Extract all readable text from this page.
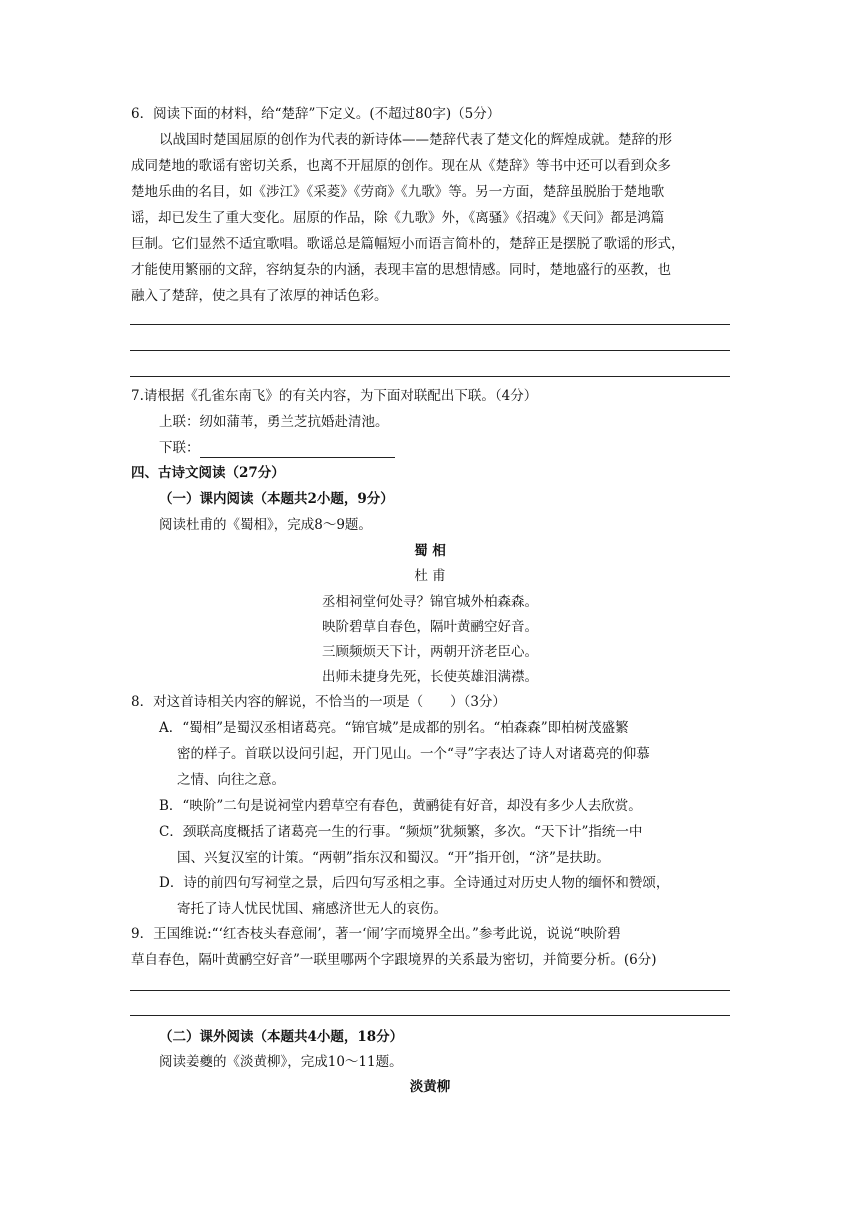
6．阅读下面的材料，给“楚辞”下定义。(不超过80字)（5分）
以战国时楚国屈原的创作为代表的新诗体——楚辞代表了楚文化的辉煌成就。楚辞的形
成同楚地的歌谣有密切关系，也离不开屈原的创作。现在从《楚辞》等书中还可以看到众多
楚地乐曲的名目，如《涉江》《采菱》《劳商》《九歌》等。另一方面，楚辞虽脱胎于楚地歌
谣，却已发生了重大变化。屈原的作品，除《九歌》外，《离骚》《招魂》《天问》都是鸿篇
巨制。它们显然不适宜歌唱。歌谣总是篇幅短小而语言简朴的，楚辞正是摆脱了歌谣的形式，
才能使用繁丽的文辞，容纳复杂的内涵，表现丰富的思想情感。同时，楚地盛行的巫教，也
融入了楚辞，使之具有了浓厚的神话色彩。
7.请根据《孔雀东南飞》的有关内容，为下面对联配出下联。（4分）
上联：纫如蒲苇，勇兰芝抗婚赴清池。
下联：
四、古诗文阅读（27分）
（一）课内阅读（本题共2小题，9分）
阅读杜甫的《蜀相》，完成8～9题。
蜀 相
杜 甫
丞相祠堂何处寻？锦官城外柏森森。
映阶碧草自春色，隔叶黄鹂空好音。
三顾频烦天下计，两朝开济老臣心。
出师未捷身先死，长使英雄泪满襟。
8．对这首诗相关内容的解说，不恰当的一项是（　　）（3分）
A．“蜀相”是蜀汉丞相诸葛亮。“锦官城”是成都的别名。“柏森森”即柏树茂盛繁
密的样子。首联以设问引起，开门见山。一个“寻”字表达了诗人对诸葛亮的仰慕
之情、向往之意。
B．“映阶”二句是说祠堂内碧草空有春色，黄鹂徒有好音，却没有多少人去欣赏。
C．颈联高度概括了诸葛亮一生的行事。“频烦”犹频繁，多次。“天下计”指统一中
国、兴复汉室的计策。“两朝”指东汉和蜀汉。“开”指开创，“济”是扶助。
D．诗的前四句写祠堂之景，后四句写丞相之事。全诗通过对历史人物的缅怀和赞颂，
寄托了诗人忧民忧国、痛感济世无人的哀伤。
9．王国维说:“‘红杏枝头春意闹’，著一‘闹’字而境界全出。”参考此说，说说“映阶碧
草自春色，隔叶黄鹂空好音”一联里哪两个字跟境界的关系最为密切，并简要分析。(6分)
（二）课外阅读（本题共4小题，18分）
阅读姜夔的《淡黄柳》，完成10～11题。
淡黄柳
